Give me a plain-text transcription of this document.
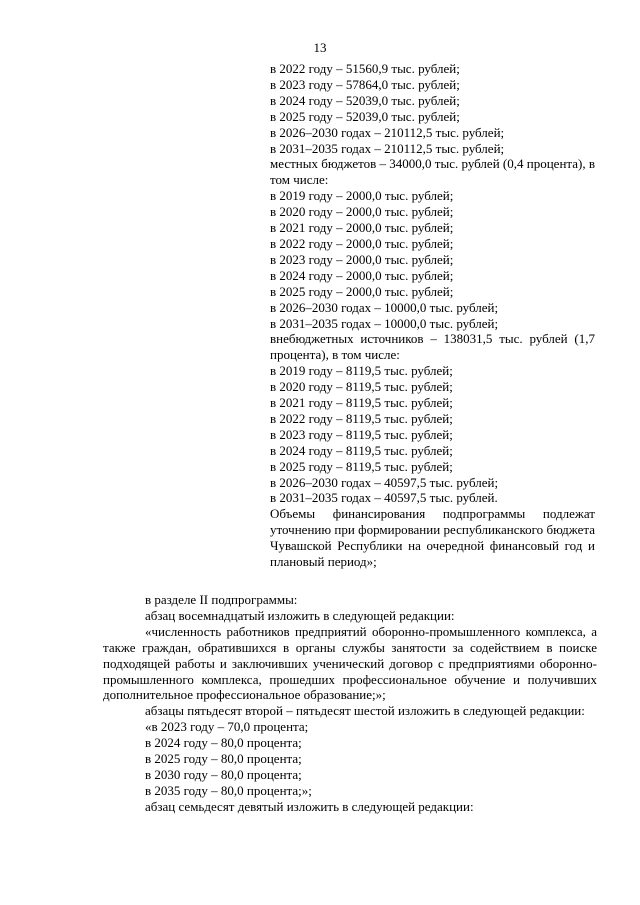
13
в 2022 году – 51560,9 тыс. рублей;
в 2023 году – 57864,0 тыс. рублей;
в 2024 году – 52039,0 тыс. рублей;
в 2025 году – 52039,0 тыс. рублей;
в 2026–2030 годах – 210112,5 тыс. рублей;
в 2031–2035 годах – 210112,5 тыс. рублей;
местных бюджетов – 34000,0 тыс. рублей (0,4 процента), в том числе:
в 2019 году – 2000,0 тыс. рублей;
в 2020 году – 2000,0 тыс. рублей;
в 2021 году – 2000,0 тыс. рублей;
в 2022 году – 2000,0 тыс. рублей;
в 2023 году – 2000,0 тыс. рублей;
в 2024 году – 2000,0 тыс. рублей;
в 2025 году – 2000,0 тыс. рублей;
в 2026–2030 годах – 10000,0 тыс. рублей;
в 2031–2035 годах – 10000,0 тыс. рублей;
внебюджетных источников – 138031,5 тыс. рублей (1,7 процента), в том числе:
в 2019 году – 8119,5 тыс. рублей;
в 2020 году – 8119,5 тыс. рублей;
в 2021 году – 8119,5 тыс. рублей;
в 2022 году – 8119,5 тыс. рублей;
в 2023 году – 8119,5 тыс. рублей;
в 2024 году – 8119,5 тыс. рублей;
в 2025 году – 8119,5 тыс. рублей;
в 2026–2030 годах – 40597,5 тыс. рублей;
в 2031–2035 годах – 40597,5 тыс. рублей.
Объемы финансирования подпрограммы подлежат уточнению при формировании республиканского бюджета Чувашской Республики на очередной финансовый год и плановый период»;
в разделе II подпрограммы:
абзац восемнадцатый изложить в следующей редакции:
«численность работников предприятий оборонно-промышленного комплекса, а также граждан, обратившихся в органы службы занятости за содействием в поиске подходящей работы и заключивших ученический договор с предприятиями оборонно-промышленного комплекса, прошедших профессиональное обучение и получивших дополнительное профессиональное образование;»;
абзацы пятьдесят второй – пятьдесят шестой изложить в следующей редакции:
«в 2023 году – 70,0 процента;
в 2024 году – 80,0 процента;
в 2025 году – 80,0 процента;
в 2030 году – 80,0 процента;
в 2035 году – 80,0 процента;»;
абзац семьдесят девятый изложить в следующей редакции:
